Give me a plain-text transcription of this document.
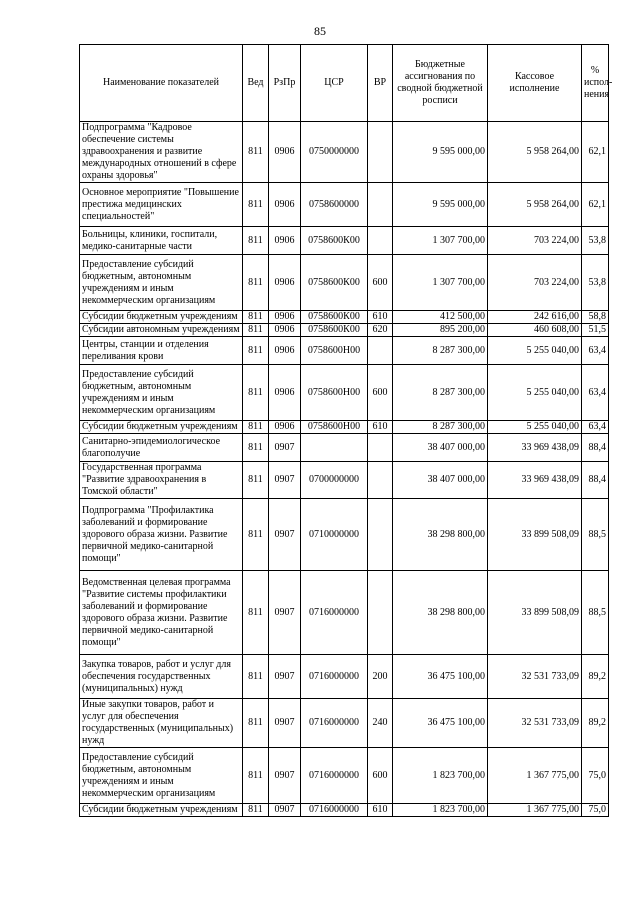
85
Наименование показателей	Вед	РзПр	ЦСР	ВР	Бюджетные ассигнования по сводной бюджетной росписи	Кассовое исполнение	% испол- нения
Подпрограмма "Кадровое обеспечение системы здравоохранения и развитие международных отношений в сфере охраны здоровья"	811	0906	0750000000		9 595 000,00	5 958 264,00	62,1
Основное мероприятие "Повышение престижа медицинских специальностей"	811	0906	0758600000		9 595 000,00	5 958 264,00	62,1
Больницы, клиники, госпитали, медико-санитарные части	811	0906	0758600К00		1 307 700,00	703 224,00	53,8
Предоставление субсидий бюджетным, автономным учреждениям и иным некоммерческим организациям	811	0906	0758600К00	600	1 307 700,00	703 224,00	53,8
Субсидии бюджетным учреждениям	811	0906	0758600К00	610	412 500,00	242 616,00	58,8
Субсидии автономным учреждениям	811	0906	0758600К00	620	895 200,00	460 608,00	51,5
Центры, станции и отделения переливания крови	811	0906	0758600Н00		8 287 300,00	5 255 040,00	63,4
Предоставление субсидий бюджетным, автономным учреждениям и иным некоммерческим организациям	811	0906	0758600Н00	600	8 287 300,00	5 255 040,00	63,4
Субсидии бюджетным учреждениям	811	0906	0758600Н00	610	8 287 300,00	5 255 040,00	63,4
Санитарно-эпидемиологическое благополучие	811	0907			38 407 000,00	33 969 438,09	88,4
Государственная программа "Развитие здравоохранения в Томской области"	811	0907	0700000000		38 407 000,00	33 969 438,09	88,4
Подпрограмма "Профилактика заболеваний и формирование здорового образа жизни. Развитие первичной медико-санитарной помощи"	811	0907	0710000000		38 298 800,00	33 899 508,09	88,5
Ведомственная целевая программа "Развитие системы профилактики заболеваний и формирование здорового образа жизни. Развитие первичной медико-санитарной помощи"	811	0907	0716000000		38 298 800,00	33 899 508,09	88,5
Закупка товаров, работ и услуг для обеспечения государственных (муниципальных) нужд	811	0907	0716000000	200	36 475 100,00	32 531 733,09	89,2
Иные закупки товаров, работ и услуг для обеспечения государственных (муниципальных) нужд	811	0907	0716000000	240	36 475 100,00	32 531 733,09	89,2
Предоставление субсидий бюджетным, автономным учреждениям и иным некоммерческим организациям	811	0907	0716000000	600	1 823 700,00	1 367 775,00	75,0
Субсидии бюджетным учреждениям	811	0907	0716000000	610	1 823 700,00	1 367 775,00	75,0
